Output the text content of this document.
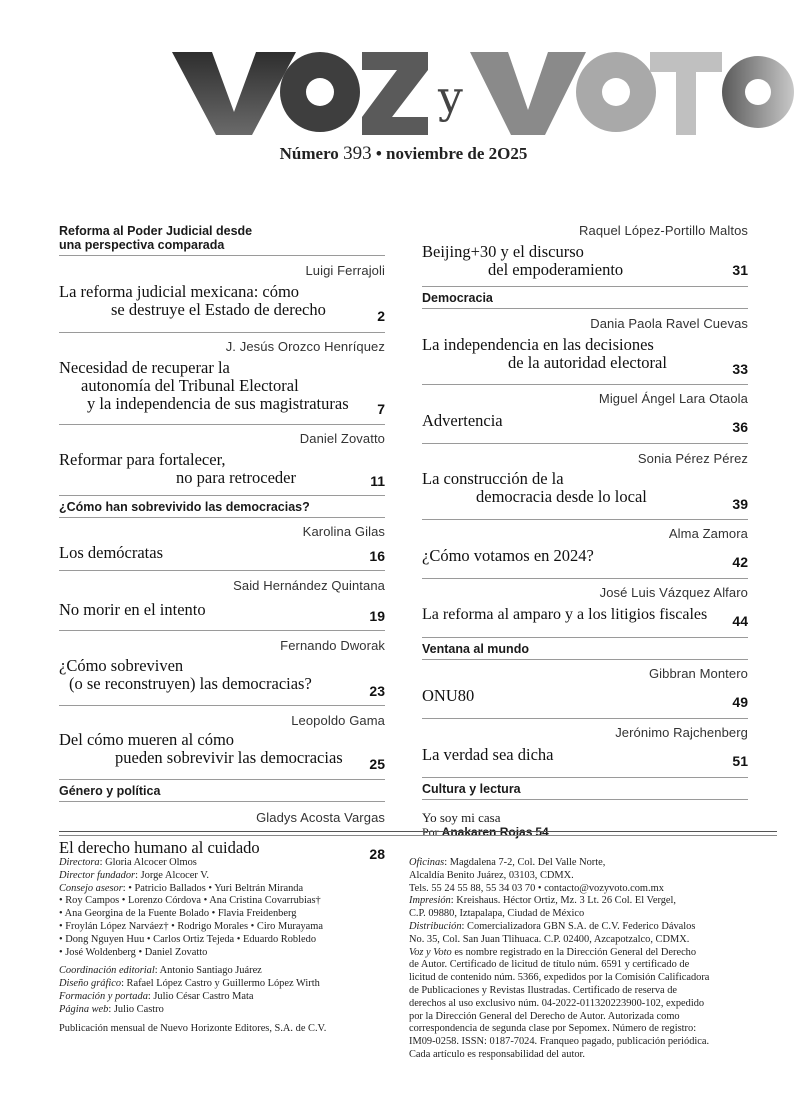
y
Número 393 • noviembre de 2O25
Reforma al Poder Judicial desde una perspectiva comparada
Luigi Ferrajoli
La reforma judicial mexicana: cómo
se destruye el Estado de derecho	2
J. Jesús Orozco Henríquez
Necesidad de recuperar la
autonomía del Tribunal Electoral
y la independencia de sus magistraturas 7
Daniel Zovatto
Reformar para fortalecer,
no para retroceder	11
¿Cómo han sobrevivido las democracias?
Karolina Gilas
Los demócratas	16
Said Hernández Quintana
No morir en el intento	19
Fernando Dworak
¿Cómo sobreviven
(o se reconstruyen) las democracias?	23
Leopoldo Gama
Del cómo mueren al cómo
pueden sobrevivir las democracias	25
Género y política
Gladys Acosta Vargas
El derecho humano al cuidado	28
Raquel López-Portillo Maltos
Beijing+30 y el discurso
del empoderamiento	31
Democracia
Dania Paola Ravel Cuevas
La independencia en las decisiones
de la autoridad electoral	33
Miguel Ángel Lara Otaola
Advertencia	36
Sonia Pérez Pérez
La construcción de la
democracia desde lo local	39
Alma Zamora
¿Cómo votamos en 2024?	42
José Luis Vázquez Alfaro
La reforma al amparo y a los litigios fiscales	44
Ventana al mundo
Gibbran Montero
ONU80	49
Jerónimo Rajchenberg
La verdad sea dicha	51
Cultura y lectura
Yo soy mi casa
Por Anakaren Rojas 54

Directora: Gloria Alcocer Olmos

Director fundador: Jorge Alcocer V.

Consejo asesor: • Patricio Ballados • Yuri Beltrán Miranda

• Roy Campos • Lorenzo Córdova • Ana Cristina Covarrubias†

• Ana Georgina de la Fuente Bolado • Flavia Freidenberg

• Froylán López Narváez† • Rodrigo Morales • Ciro Murayama

• Dong Nguyen Huu • Carlos Ortiz Tejeda • Eduardo Robledo

• José Woldenberg • Daniel Zovatto

Coordinación editorial: Antonio Santiago Juárez

Diseño gráfico: Rafael López Castro y Guillermo López Wirth

Formación y portada: Julio César Castro Mata

Página web: Julio Castro

Publicación mensual de Nuevo Horizonte Editores, S.A. de C.V.

Oficinas: Magdalena 7-2, Col. Del Valle Norte,

Alcaldía Benito Juárez, 03103, CDMX.

Tels. 55 24 55 88, 55 34 03 70 • contacto@vozyvoto.com.mx

Impresión: Kreishaus. Héctor Ortiz, Mz. 3 Lt. 26 Col. El Vergel,

C.P. 09880, Iztapalapa, Ciudad de México

Distribución: Comercializadora GBN S.A. de C.V. Federico Dávalos

No. 35, Col. San Juan Tlihuaca. C.P. 02400, Azcapotzalco, CDMX.

Voz y Voto es nombre registrado en la Dirección General del Derecho

de Autor. Certificado de licitud de título núm. 6591 y certificado de

licitud de contenido núm. 5366, expedidos por la Comisión Calificadora

de Publicaciones y Revistas Ilustradas. Certificado de reserva de

derechos al uso exclusivo núm. 04-2022-011320223900-102, expedido

por la Dirección General del Derecho de Autor. Autorizada como

correspondencia de segunda clase por Sepomex. Número de registro:

IM09-0258. ISSN: 0187-7024. Franqueo pagado, publicación periódica.

Cada artículo es responsabilidad del autor.
